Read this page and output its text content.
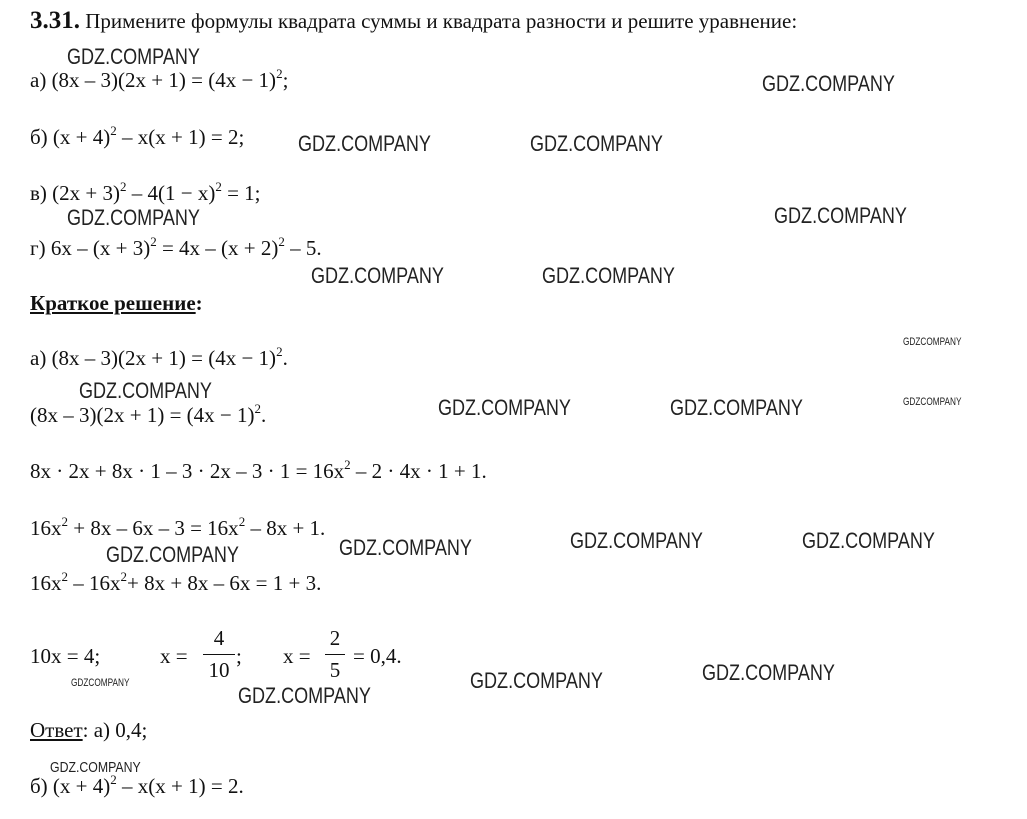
3.31. Примените формулы квадрата суммы и квадрата разности и решите уравнение:
а) $(8x - 3)(2x + 1) = (4x - 1)^2$;
б) $(x + 4)^2 - x(x + 1) = 2$;
в) $(2x + 3)^2 - 4(1 - x)^2 = 1$;
г) $6x - (x + 3)^2 = 4x - (x + 2)^2 - 5$.
Краткое решение:
а) $(8x - 3)(2x + 1) = (4x - 1)^2$.
$(8x - 3)(2x + 1) = (4x - 1)^2$.
$8x \cdot 2x + 8x \cdot 1 - 3 \cdot 2x - 3 \cdot 1 = 16x^2 - 2 \cdot 4x \cdot 1 + 1$.
$16x^2 + 8x - 6x - 3 = 16x^2 - 8x + 1$.
$16x^2 - 16x^2+ 8x + 8x - 6x = 1 + 3$.
10x = 4;	x =
4
10
; x =
2
5
= 0,4.
Ответ: а) 0,4;
б) $(x + 4)^2 - x(x + 1) = 2$.
GDZ.COMPANY
GDZ.COMPANY
GDZ.COMPANY	GDZ.COMPANY
GDZ.COMPANY	GDZ.COMPANY
GDZ.COMPANY	GDZ.COMPANY
GDZCOMPANY
GDZ.COMPANY
GDZ.COMPANY	GDZ.COMPANY	GDZCOMPANY
GDZ.COMPANY	GDZ.COMPANY	GDZ.COMPANY	GDZ.COMPANY
GDZCOMPANY	GDZ.COMPANY
GDZ.COMPANY	GDZ.COMPANY
GDZ.COMPANY
